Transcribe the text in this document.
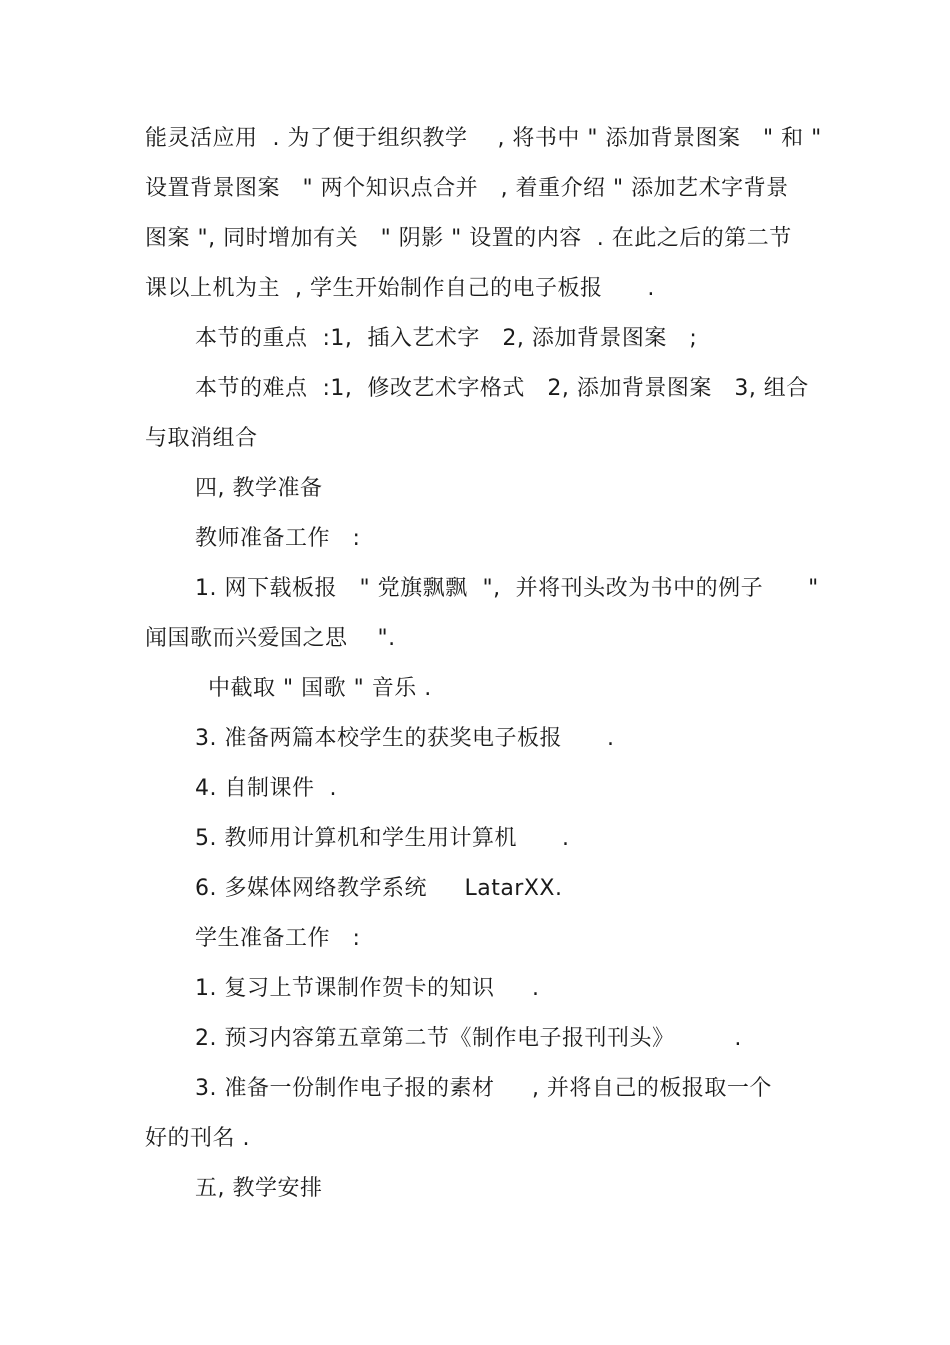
能灵活应用  . 为了便于组织教学    , 将书中 " 添加背景图案   " 和 "
设置背景图案   " 两个知识点合并   , 着重介绍 " 添加艺术字背景
图案 ", 同时增加有关   " 阴影 " 设置的内容  . 在此之后的第二节
课以上机为主  , 学生开始制作自己的电子板报      .
本节的重点  :1,  插入艺术字   2, 添加背景图案   ;
本节的难点  :1,  修改艺术字格式   2, 添加背景图案   3, 组合
与取消组合
四, 教学准备
教师准备工作   :
1. 网下载板报   " 党旗飘飘  ",  并将刊头改为书中的例子      "
闻国歌而兴爱国之思    ".
中截取 " 国歌 " 音乐 .
3. 准备两篇本校学生的获奖电子板报      .
4. 自制课件  .
5. 教师用计算机和学生用计算机      .
6. 多媒体网络教学系统     LatarXX.
学生准备工作   :
1. 复习上节课制作贺卡的知识     .
2. 预习内容第五章第二节《制作电子报刊刊头》        .
3. 准备一份制作电子报的素材     , 并将自己的板报取一个
好的刊名 .
五, 教学安排
